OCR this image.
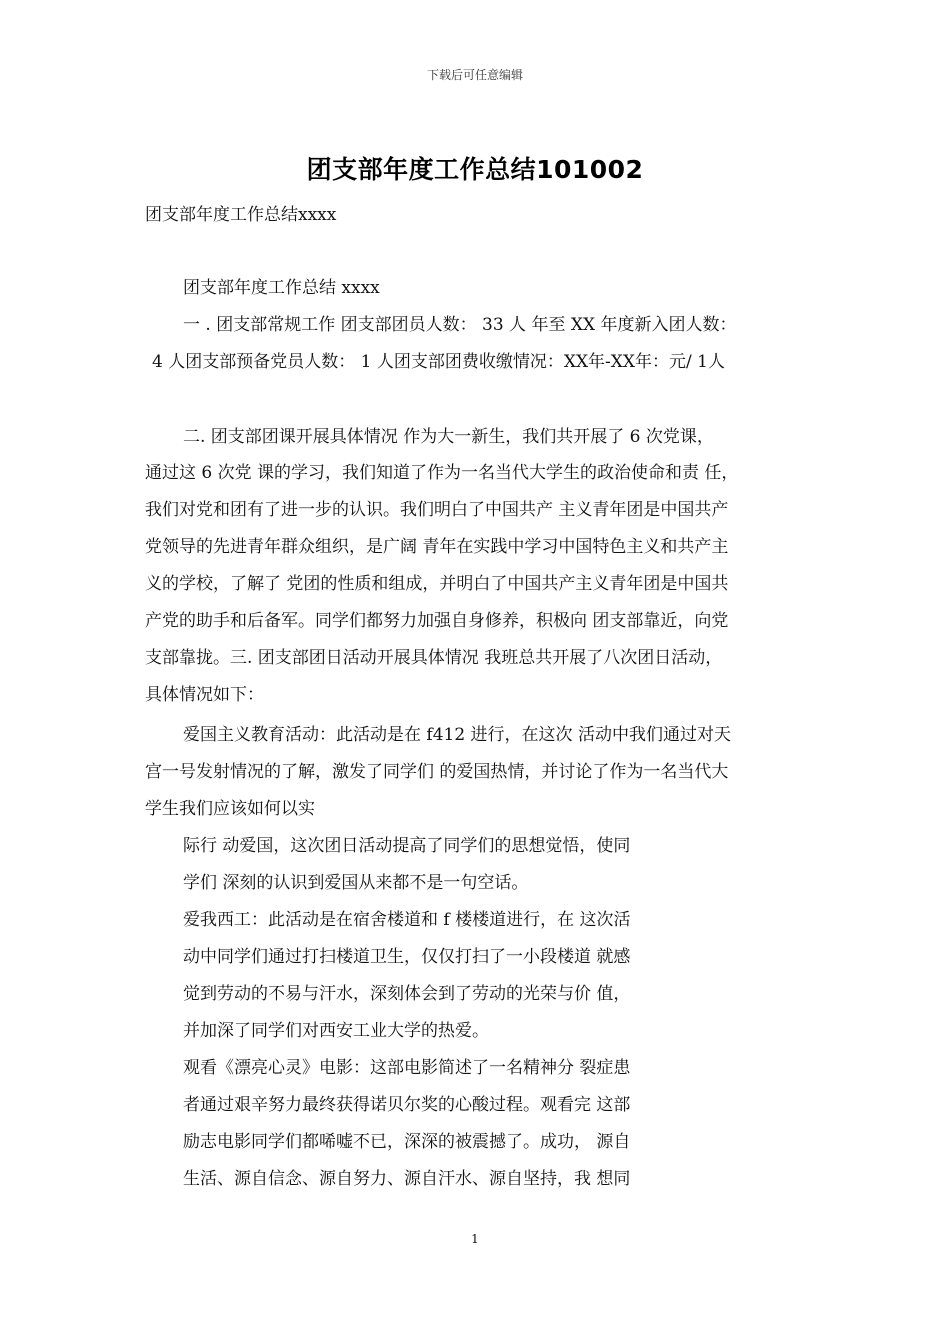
下载后可任意编辑
团支部年度工作总结101002
团支部年度工作总结xxxx
团支部年度工作总结 xxxx
一 . 团支部常规工作 团支部团员人数： 33 人 年至 XX 年度新入团人数：
4 人团支部预备党员人数： 1 人团支部团费收缴情况：XX年-XX年：元/ 1人
二. 团支部团课开展具体情况 作为大一新生，我们共开展了 6 次党课，
通过这 6 次党 课的学习，我们知道了作为一名当代大学生的政治使命和责 任，
我们对党和团有了进一步的认识。我们明白了中国共产 主义青年团是中国共产
党领导的先进青年群众组织，是广阔 青年在实践中学习中国特色主义和共产主
义的学校，了解了 党团的性质和组成，并明白了中国共产主义青年团是中国共
产党的助手和后备军。同学们都努力加强自身修养，积极向 团支部靠近，向党
支部靠拢。三. 团支部团日活动开展具体情况 我班总共开展了八次团日活动，
具体情况如下：
爱国主义教育活动：此活动是在 f412 进行，在这次 活动中我们通过对天
宫一号发射情况的了解，激发了同学们 的爱国热情，并讨论了作为一名当代大
学生我们应该如何以实
际行 动爱国，这次团日活动提高了同学们的思想觉悟，使同
学们 深刻的认识到爱国从来都不是一句空话。
爱我西工：此活动是在宿舍楼道和 f 楼楼道进行，在 这次活
动中同学们通过打扫楼道卫生，仅仅打扫了一小段楼道 就感
觉到劳动的不易与汗水，深刻体会到了劳动的光荣与价 值，
并加深了同学们对西安工业大学的热爱。
观看《漂亮心灵》电影：这部电影简述了一名精神分 裂症患
者通过艰辛努力最终获得诺贝尔奖的心酸过程。观看完 这部
励志电影同学们都唏嘘不已，深深的被震撼了。成功， 源自
生活、源自信念、源自努力、源自汗水、源自坚持，我 想同
1
